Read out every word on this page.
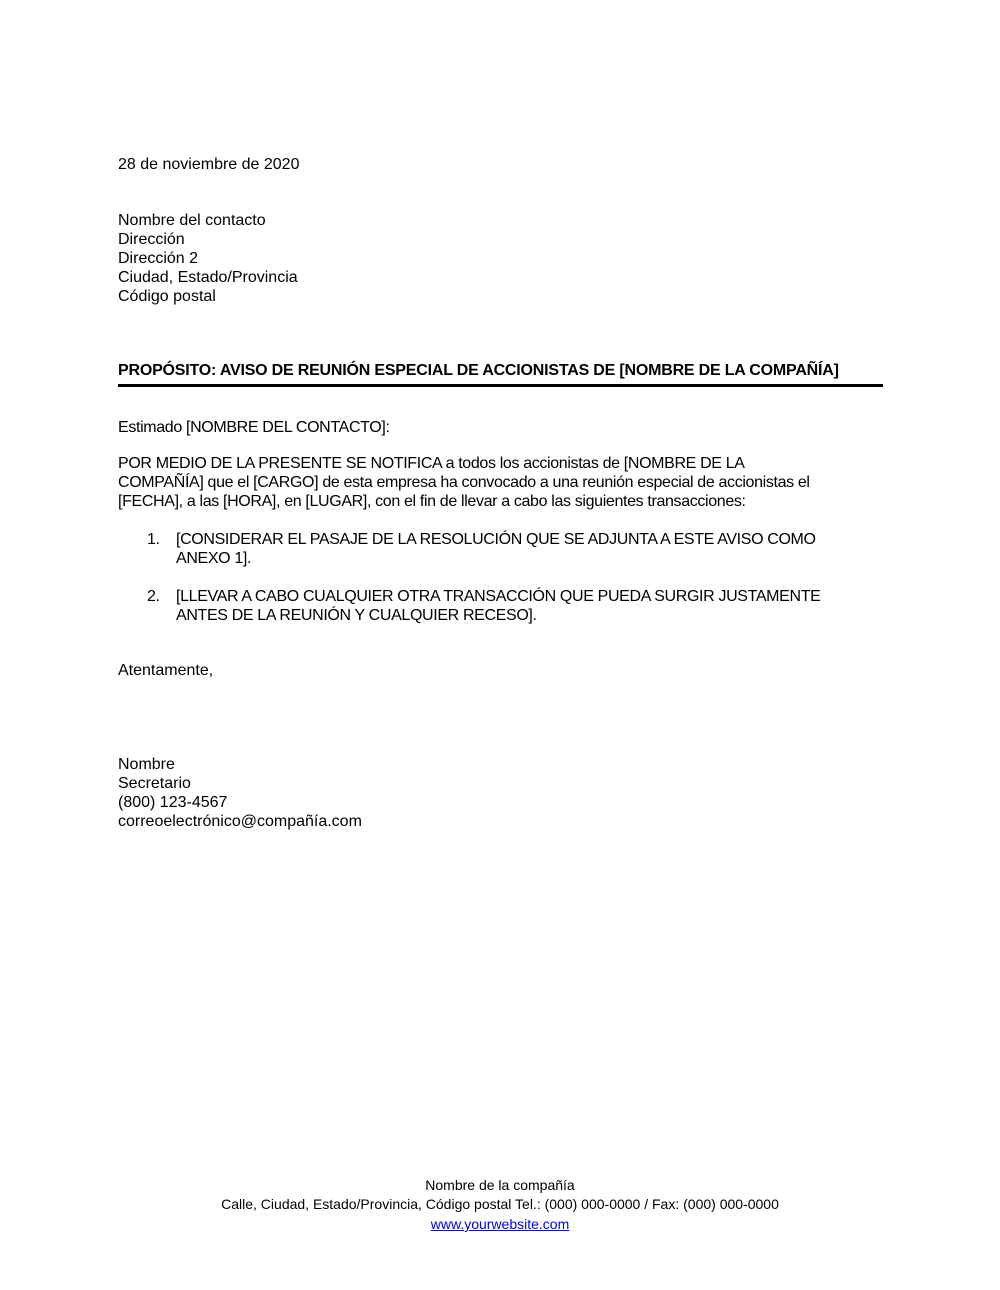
28 de noviembre de 2020
Nombre del contacto
Dirección
Dirección 2
Ciudad, Estado/Provincia
Código postal
PROPÓSITO: AVISO DE REUNIÓN ESPECIAL DE ACCIONISTAS DE [NOMBRE DE LA COMPAÑÍA]
Estimado [NOMBRE DEL CONTACTO]:
POR MEDIO DE LA PRESENTE SE NOTIFICA a todos los accionistas de [NOMBRE DE LA
COMPAÑÍA] que el [CARGO] de esta empresa ha convocado a una reunión especial de accionistas el
[FECHA], a las [HORA], en [LUGAR], con el fin de llevar a cabo las siguientes transacciones:
1. [CONSIDERAR EL PASAJE DE LA RESOLUCIÓN QUE SE ADJUNTA A ESTE AVISO COMO
ANEXO 1].
2. [LLEVAR A CABO CUALQUIER OTRA TRANSACCIÓN QUE PUEDA SURGIR JUSTAMENTE
ANTES DE LA REUNIÓN Y CUALQUIER RECESO].
Atentamente,
Nombre
Secretario
(800) 123-4567
correoelectrónico@compañía.com
Nombre de la compañía
Calle, Ciudad, Estado/Provincia, Código postal Tel.: (000) 000-0000 / Fax: (000) 000-0000
www.yourwebsite.com
